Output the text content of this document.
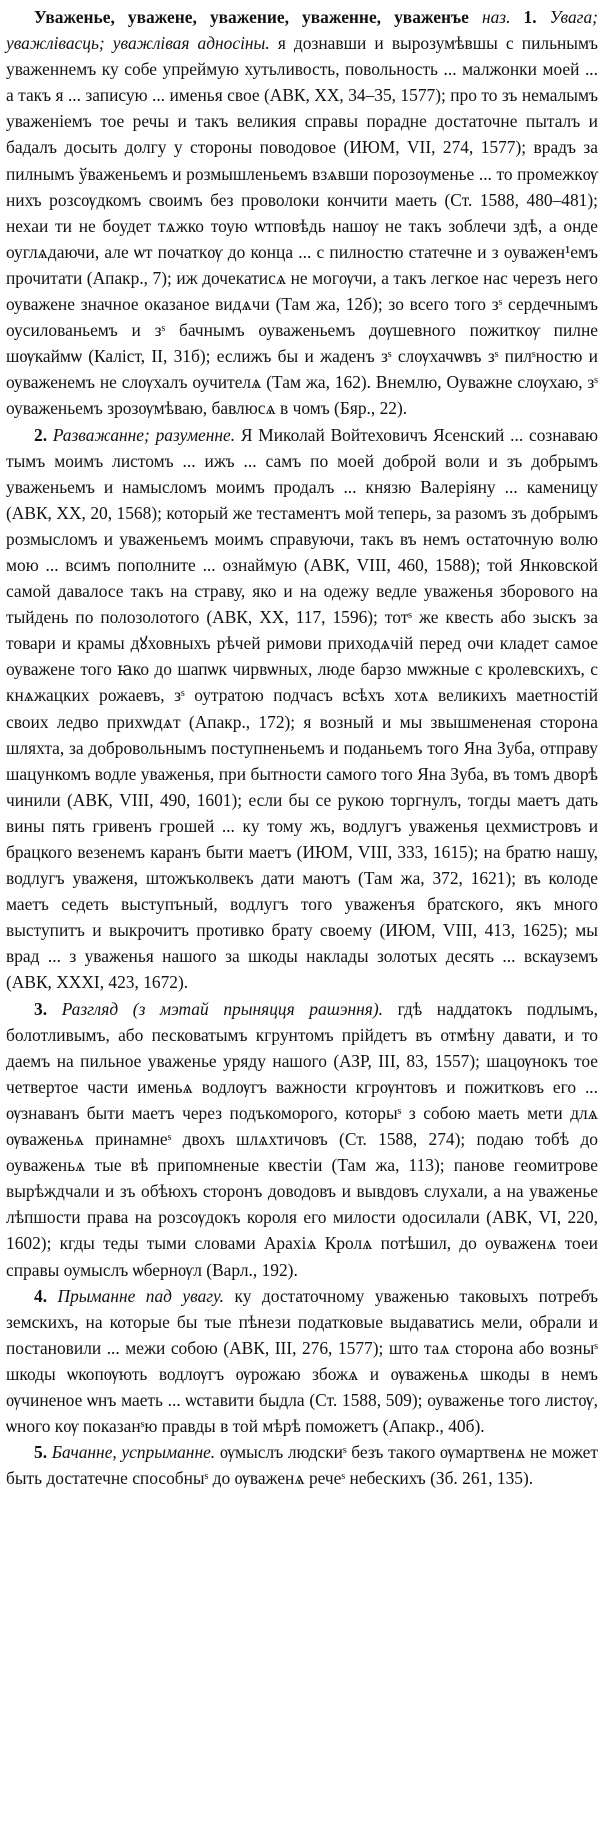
Уваженье, уважене, уважение, уваженне, уваженъе наз. 1. Увага; уважлівасць; уважлівая адносіны. я дознавши и вырозумѣвшы с пильнымъ уваженнемъ ку собе упреймую хутьливость, повольность ... малжонки моей ... а такъ я ... записую ... именья свое (АВК, XX, 34–35, 1577); про то зъ немалымъ уваженіемъ тое речы и такъ великия справы порадне достаточне пыталъ и бадалъ досыть долгу у стороны поводовое (ИЮМ, VII, 274, 1577); врадъ за пилнымъ ўваженьемъ и розмышленьемъ взѧвши порозѹменье ... то промежкѹ нихъ розсѹдкомъ своимъ без проволоки кончити маеть (Ст. 1588, 480–481); нехаи ти не боудет тѧжко тоую ѡтповѣдь нашѹ не такъ зоблечи здѣ, а онде оуглѧдаючи, але ѡт початкѹ до конца ... с пилностю статечне и з оуважен¹емъ прочитати (Апакр., 7); иж дочекатисѧ не могѹчи, а такъ легкое нас черезъ него оуважене значное оказаное видѧчи (Там жа, 12б); зо всего того зˢ сердечнымъ оусилованьемъ и зˢ бачнымъ оуваженьемъ дѹшевного пожиткѹ пилне шѹкаймѡ (Каліст, II, 31б); еслижъ бы и жаденъ зˢ слѹхачѡвъ зˢ пилˢностю и оуваженемъ не слѹхалъ оучителѧ (Там жа, 162). Внемлю, Оуважне слѹхаю, зˢ оуваженьемъ зрозѹмѣваю, бавлюсѧ в чомъ (Бяр., 22).

2. Разважанне; разуменне. Я Миколай Войтеховичъ Ясенский ... сознаваю тымъ моимъ листомъ ... ижъ ... самъ по моей доброй воли и зъ добрымъ уваженьемъ и намысломъ моимъ продалъ ... князю Валеріяну ... каменицу (АВК, XX, 20, 1568); который же тестаментъ мой теперь, за разомъ зъ добрымъ розмысломъ и уваженьемъ моимъ справуючи, такъ въ немъ остаточную волю мою ... всимъ пополните ... ознаймую (АВК, VIII, 460, 1588); той Янковской самой давалосе такъ на страву, яко и на одежу ведле уваженья зборового на тыйдень по полозолотого (АВК, XX, 117, 1596); тотˢ же квесть або зыскъ за товари и крамы дꙋховныхъ рѣчей римови приходѧчій перед очи кладет самое оуважене того ꙗко до шапѡк чирвѡных, люде барзо мѡжные с кролевскихъ, с кнѧжацких рожаевъ, зˢ оутратою подчасъ всѣхъ хотѧ великихъ маетностій своих ледво прихѡдѧт (Апакр., 172); я возный и мы звышмененая сторона шляхта, за добровольнымъ поступненьемъ и поданьемъ того Яна Зуба, отправу шацункомъ водле уваженья, при бытности самого того Яна Зуба, въ томъ дворѣ чинили (АВК, VIII, 490, 1601); если бы се рукою торгнулъ, тогды маетъ дать вины пять гривенъ грошей ... ку тому жъ, водлугъ уваженья цехмистровъ и брацкого везенемъ каранъ быти маетъ (ИЮМ, VIII, 333, 1615); на братю нашу, водлугъ уваженя, штожъколвекъ дати маютъ (Там жа, 372, 1621); въ колоде маетъ седеть выступъный, водлугъ того уваженъя братского, якъ много выступитъ и выкрочитъ противко брату своему (ИЮМ, VIII, 413, 1625); мы врад ... з уваженья нашого за шкоды наклады золотых десять ... вскауземъ (АВК, XXXI, 423, 1672).

3. Разгляд (з мэтай прыняцця рашэння). гдѣ наддатокъ подлымъ, болотливымъ, або песковатымъ кгрунтомъ прійдетъ въ отмѣну давати, и то даемъ на пильное уваженье уряду нашого (АЗР, III, 83, 1557); шацѹнокъ тое четвертое части именьѧ водлѹгъ важности кгрѹнтовъ и пожитковъ его ... ѹзнаванъ быти маетъ через подъкоморого, которыˢ з собою маеть мети длѧ ѹваженьѧ принамнеˢ двохъ шлѧхтичовъ (Ст. 1588, 274); подаю тобѣ до оуваженьѧ тые вѣ припомненые квестіи (Там жа, 113); панове геомитрове вырѣждчали и зъ обѣюхъ сторонъ доводовъ и вывдовъ слухали, а на уваженье лѣпшости права на розсѹдокъ короля его милости одосилали (АВК, VI, 220, 1602); кгды теды тыми словами Арахіѧ Кролѧ потѣшил, до оуваженѧ тоеи справы оумыслъ ѡбернѹл (Варл., 192).

4. Прыманне пад увагу. ку достаточному уваженью таковыхъ потребъ земскихъ, на которые бы тые пѣнези податковые выдаватись мели, обрали и постановили ... межи собою (АВК, III, 276, 1577); што таѧ сторона або возныˢ шкоды ѡкопѹють водлѹгъ ѹрожаю збожѧ и ѹваженьѧ шкоды в немъ ѹчиненое ѡнъ маеть ... ѡставити быдла (Ст. 1588, 509); оуваженье того листѹ, ѡного кѹ показанˢю правды в той мѣрѣ поможетъ (Апакр., 40б).

5. Бачанне, успрыманне. ѹмыслъ людскиˢ безъ такого ѹмартвенѧ не может быть достатечне способныˢ до ѹваженѧ речеˢ небескихъ (Зб. 261, 135).
